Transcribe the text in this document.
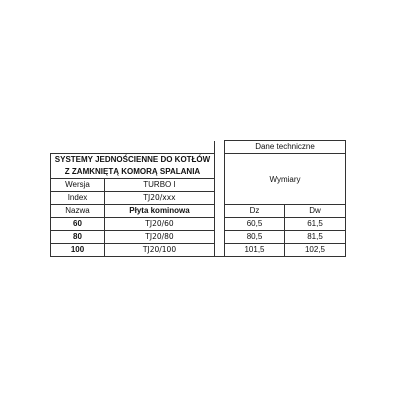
			Dane techniczne	

SYSTEMY JEDNOŚCIENNE DO KOTŁÓW
Z ZAMKNIĘTĄ KOMORĄ SPALANIA			Wymiary	
Wersja	TURBO I			
Index	TJ20/xxx			
Nazwa	Płyta kominowa		Dz	Dw
60	TJ20/60		60,5	61,5
80	TJ20/80		80,5	81,5
100	TJ20/100		101,5	102,5
